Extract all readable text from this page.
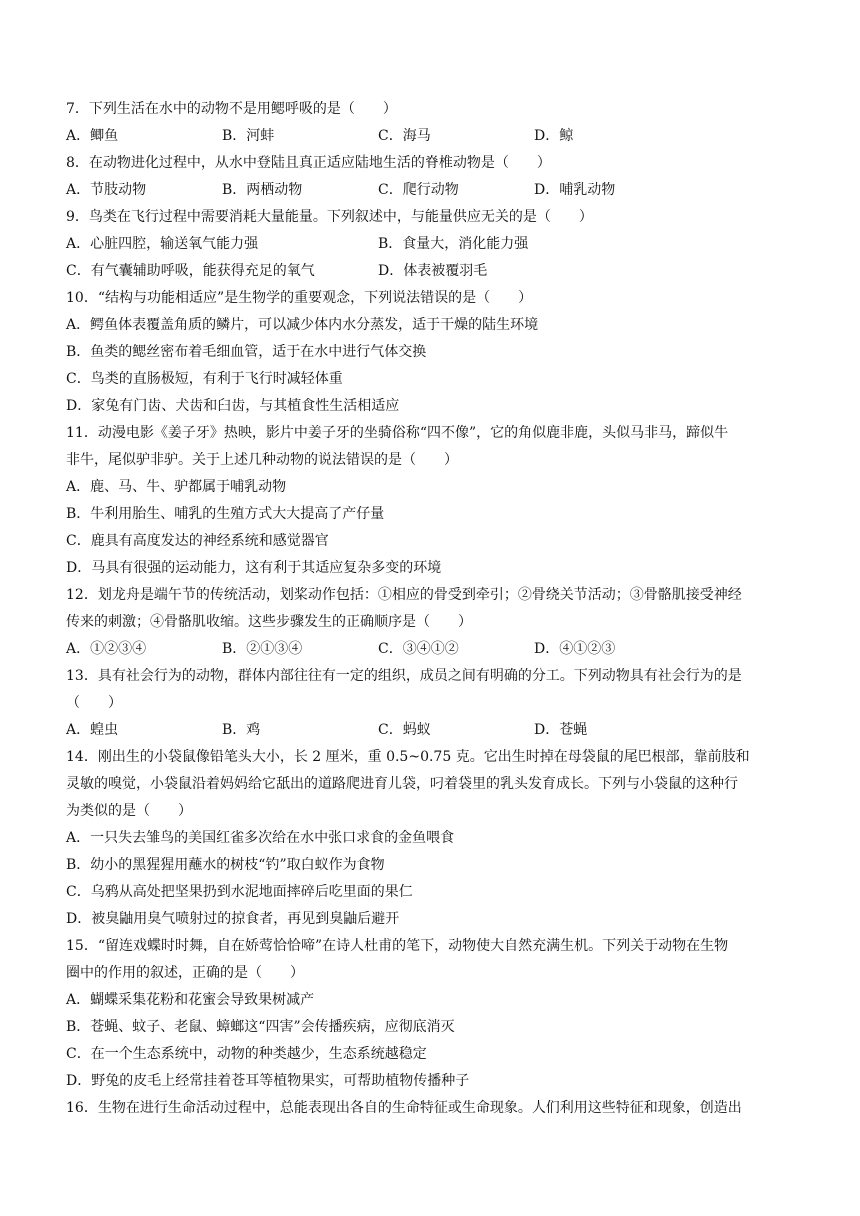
7．下列生活在水中的动物不是用鳃呼吸的是（　　）
A．鲫鱼	B．河蚌	C．海马	D．鲸
8．在动物进化过程中，从水中登陆且真正适应陆地生活的脊椎动物是（　　）
A．节肢动物	B．两栖动物	C．爬行动物	D．哺乳动物
9．鸟类在飞行过程中需要消耗大量能量。下列叙述中，与能量供应无关的是（　　）
A．心脏四腔，输送氧气能力强	B．食量大，消化能力强
C．有气囊辅助呼吸，能获得充足的氧气	D．体表被覆羽毛
10．“结构与功能相适应”是生物学的重要观念，下列说法错误的是（　　）
A．鳄鱼体表覆盖角质的鳞片，可以减少体内水分蒸发，适于干燥的陆生环境
B．鱼类的鳃丝密布着毛细血管，适于在水中进行气体交换
C．鸟类的直肠极短，有利于飞行时减轻体重
D．家兔有门齿、犬齿和臼齿，与其植食性生活相适应
11．动漫电影《姜子牙》热映，影片中姜子牙的坐骑俗称“四不像”，它的角似鹿非鹿，头似马非马，蹄似牛
非牛，尾似驴非驴。关于上述几种动物的说法错误的是（　　）
A．鹿、马、牛、驴都属于哺乳动物
B．牛利用胎生、哺乳的生殖方式大大提高了产仔量
C．鹿具有高度发达的神经系统和感觉器官
D．马具有很强的运动能力，这有利于其适应复杂多变的环境
12．划龙舟是端午节的传统活动，划桨动作包括：①相应的骨受到牵引；②骨绕关节活动；③骨骼肌接受神经
传来的刺激；④骨骼肌收缩。这些步骤发生的正确顺序是（　　）
A．①②③④	B．②①③④	C．③④①②	D．④①②③
13．具有社会行为的动物，群体内部往往有一定的组织，成员之间有明确的分工。下列动物具有社会行为的是
（　　）
A．蝗虫	B．鸡	C．蚂蚁	D．苍蝇
14．刚出生的小袋鼠像铅笔头大小，长 2 厘米，重 0.5~0.75 克。它出生时掉在母袋鼠的尾巴根部，靠前肢和
灵敏的嗅觉，小袋鼠沿着妈妈给它舐出的道路爬进育儿袋，叼着袋里的乳头发育成长。下列与小袋鼠的这种行
为类似的是（　　）
A．一只失去雏鸟的美国红雀多次给在水中张口求食的金鱼喂食
B．幼小的黑猩猩用蘸水的树枝“钓”取白蚁作为食物
C．乌鸦从高处把坚果扔到水泥地面摔碎后吃里面的果仁
D．被臭鼬用臭气喷射过的掠食者，再见到臭鼬后避开
15．“留连戏蝶时时舞，自在娇莺恰恰啼”在诗人杜甫的笔下，动物使大自然充满生机。下列关于动物在生物
圈中的作用的叙述，正确的是（　　）
A．蝴蝶采集花粉和花蜜会导致果树减产
B．苍蝇、蚊子、老鼠、蟑螂这“四害”会传播疾病，应彻底消灭
C．在一个生态系统中，动物的种类越少，生态系统越稳定
D．野兔的皮毛上经常挂着苍耳等植物果实，可帮助植物传播种子
16．生物在进行生命活动过程中，总能表现出各自的生命特征或生命现象。人们利用这些特征和现象，创造出
